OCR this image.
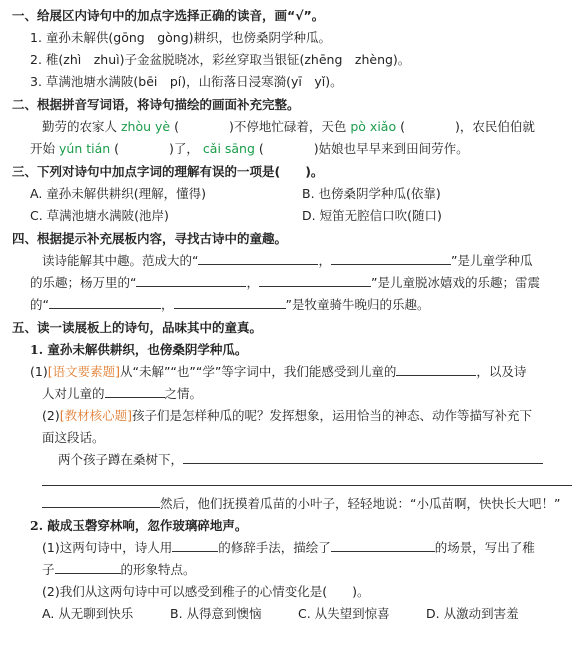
一、给展区内诗句中的加点字选择正确的读音，画“√”。
1. 童孙未解供(gōng　gòng)耕织，也傍桑阴学种瓜。
2. 稚(zhì　zhuì)子金盆脱晓冰，彩丝穿取当银钲(zhēng　zhèng)。
3. 草满池塘水满陂(bēi　pí)，山衔落日浸寒漪(yī　yǐ)。
二、根据拼音写词语，将诗句描绘的画面补充完整。
勤劳的农家人 zhòu yè (　　　　)不停地忙碌着，天色 pò xiǎo (　　　　)，农民伯伯就
开始 yún tián (　　　　)了， cǎi sāng (　　　　)姑娘也早早来到田间劳作。
三、下列对诗句中加点字词的理解有误的一项是(　　)。
A. 童孙未解供耕织(理解，懂得)	B. 也傍桑阴学种瓜(依靠)
C. 草满池塘水满陂(池岸)	D. 短笛无腔信口吹(随口)
四、根据提示补充展板内容，寻找古诗中的童趣。
读诗能解其中趣。范成大的“	，	”是儿童学种瓜
的乐趣；杨万里的“	，	”是儿童脱冰嬉戏的乐趣；雷震
的“	，	”是牧童骑牛晚归的乐趣。
五、读一读展板上的诗句，品味其中的童真。
1. 童孙未解供耕织，也傍桑阴学种瓜。
(1)[语文要素题]从“未解”“也”“学”等字词中，我们能感受到儿童的	，以及诗
人对儿童的	之情。
(2)[教材核心题]孩子们是怎样种瓜的呢？发挥想象，运用恰当的神态、动作等描写补充下
面这段话。
两个孩子蹲在桑树下，
然后，他们抚摸着瓜苗的小叶子，轻轻地说：“小瓜苗啊，快快长大吧！”
2. 敲成玉磬穿林响，忽作玻璃碎地声。
(1)这两句诗中，诗人用	的修辞手法，描绘了	的场景，写出了稚
子	的形象特点。
(2)我们从这两句诗中可以感受到稚子的心情变化是(　　)。
A. 从无聊到快乐	B. 从得意到懊恼	C. 从失望到惊喜	D. 从激动到害羞
